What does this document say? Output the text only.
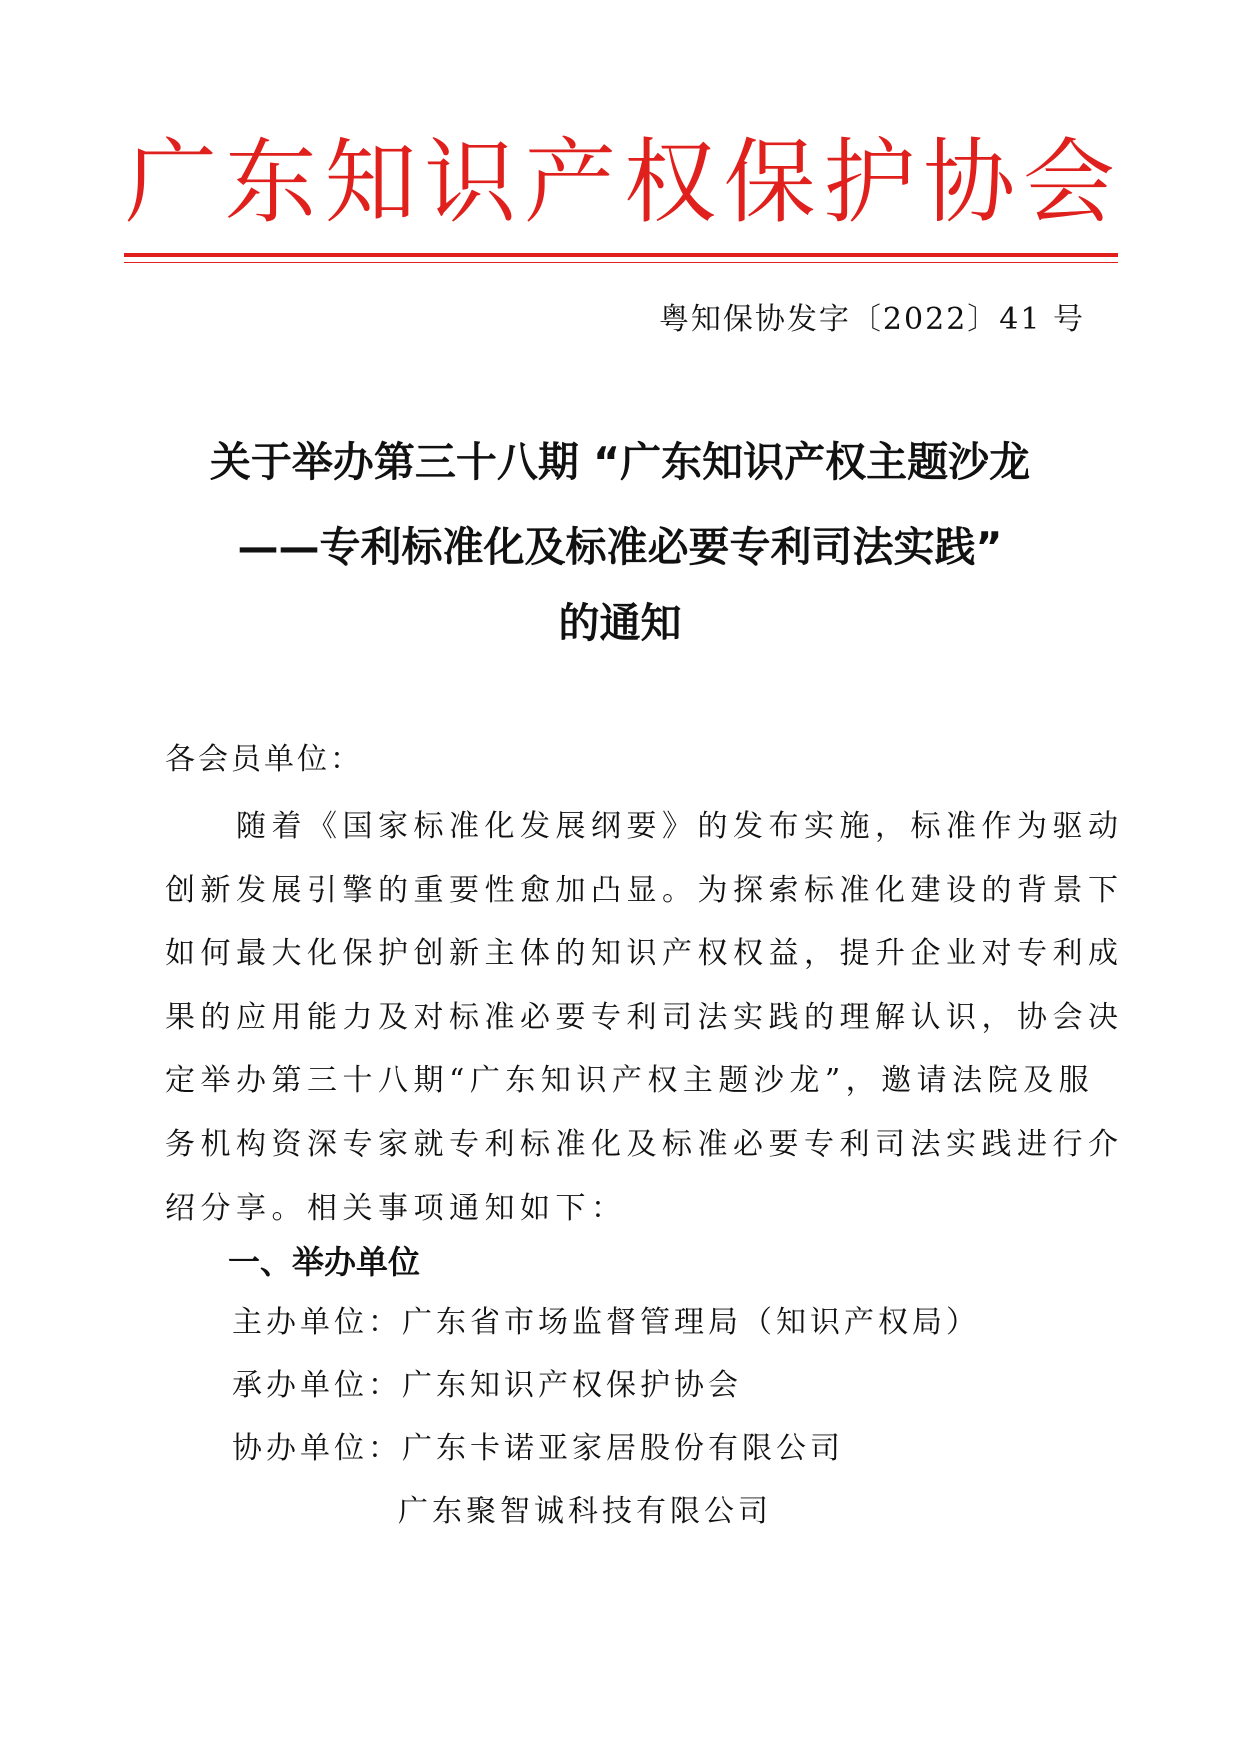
广 东 知 识 产 权 保 护 协 会
粤知保协发字〔2022〕41 号
关于举办第三十八期 “广东知识产权主题沙龙
——专利标准化及标准必要专利司法实践”
的通知
各会员单位：
　　随着《国家标准化发展纲要》的发布实施，标准作为驱动
创新发展引擎的重要性愈加凸显。为探索标准化建设的背景下
如何最大化保护创新主体的知识产权权益，提升企业对专利成
果的应用能力及对标准必要专利司法实践的理解认识，协会决
定举办第三十八期“广东知识产权主题沙龙”，邀请法院及服
务机构资深专家就专利标准化及标准必要专利司法实践进行介
绍分享。相关事项通知如下：
一、举办单位
主办单位：广东省市场监督管理局（知识产权局）
承办单位：广东知识产权保护协会
协办单位：广东卡诺亚家居股份有限公司
广东聚智诚科技有限公司
